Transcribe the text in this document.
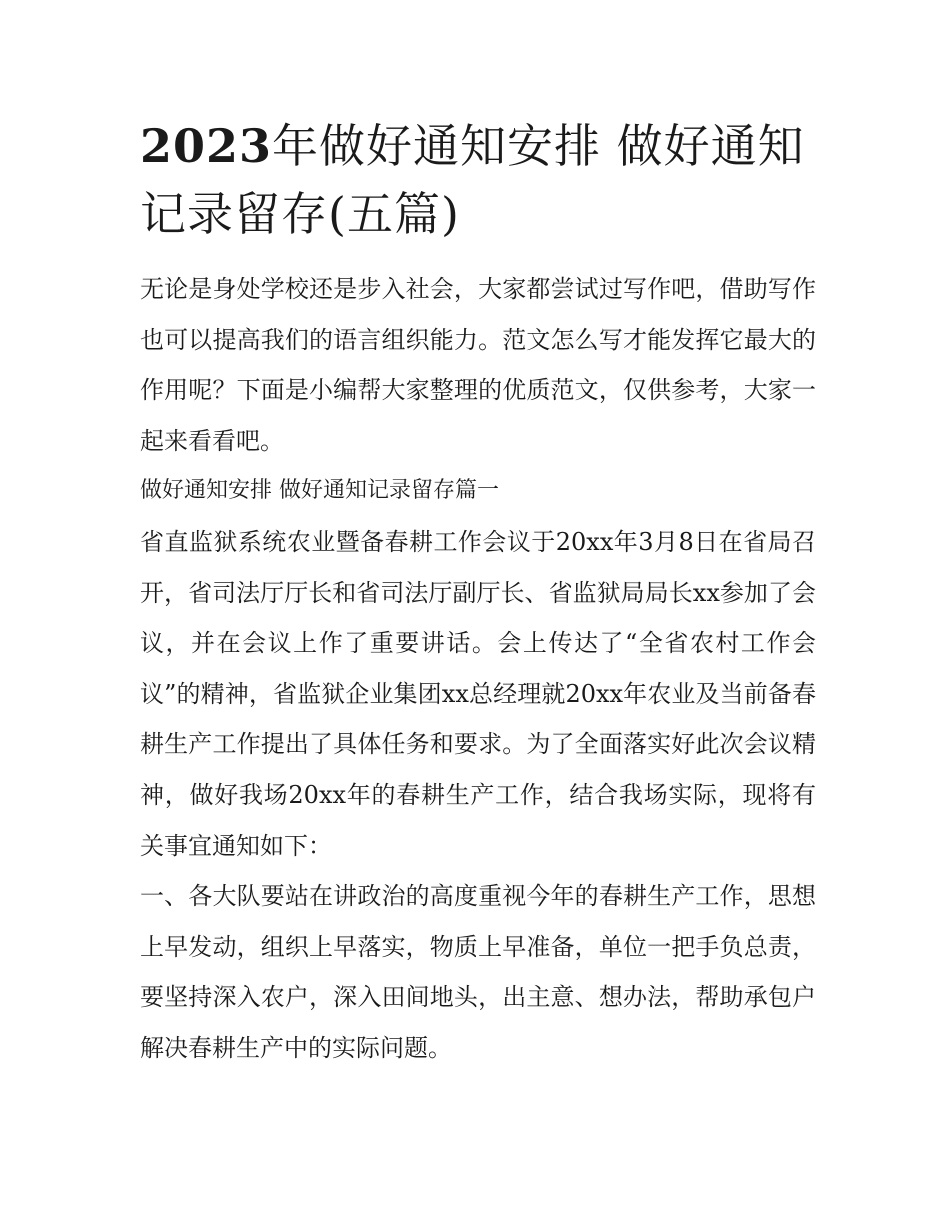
2023年做好通知安排 做好通知记录留存(五篇)

无论是身处学校还是步入社会，大家都尝试过写作吧，借助写作也可以提高我们的语言组织能力。范文怎么写才能发挥它最大的作用呢？下面是小编帮大家整理的优质范文，仅供参考，大家一起来看看吧。

做好通知安排 做好通知记录留存篇一

省直监狱系统农业暨备春耕工作会议于20xx年3月8日在省局召开，省司法厅厅长和省司法厅副厅长、省监狱局局长xx参加了会议，并在会议上作了重要讲话。会上传达了“全省农村工作会议”的精神，省监狱企业集团xx总经理就20xx年农业及当前备春耕生产工作提出了具体任务和要求。为了全面落实好此次会议精神，做好我场20xx年的春耕生产工作，结合我场实际，现将有关事宜通知如下：

一、各大队要站在讲政治的高度重视今年的春耕生产工作，思想上早发动，组织上早落实，物质上早准备，单位一把手负总责，要坚持深入农户，深入田间地头，出主意、想办法，帮助承包户解决春耕生产中的实际问题。
